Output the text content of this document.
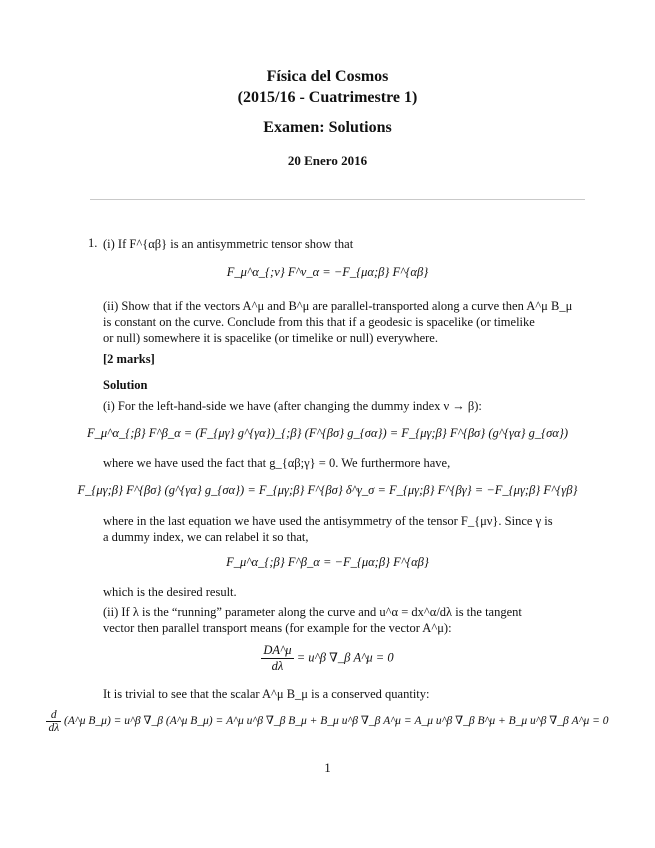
Física del Cosmos
(2015/16 - Cuatrimestre 1)
Examen: Solutions
20 Enero 2016
1. (i) If F^{αβ} is an antisymmetric tensor show that
F_μ^α_{;ν} F^ν_α = −F_{μα;β} F^{αβ}
(ii) Show that if the vectors A^μ and B^μ are parallel-transported along a curve then A^μ B_μ
is constant on the curve. Conclude from this that if a geodesic is spacelike (or timelike
or null) somewhere it is spacelike (or timelike or null) everywhere.
[2 marks]
Solution
(i) For the left-hand-side we have (after changing the dummy index ν → β):
F_μ^α_{;β} F^β_α = (F_{μγ} g^{γα})_{;β} (F^{βσ} g_{σα}) = F_{μγ;β} F^{βσ} (g^{γα} g_{σα})
where we have used the fact that g_{αβ;γ} = 0. We furthermore have,
F_{μγ;β} F^{βσ} (g^{γα} g_{σα}) = F_{μγ;β} F^{βσ} δ^γ_σ = F_{μγ;β} F^{βγ} = −F_{μγ;β} F^{γβ}
where in the last equation we have used the antisymmetry of the tensor F_{μν}. Since γ is
a dummy index, we can relabel it so that,
F_μ^α_{;β} F^β_α = −F_{μα;β} F^{αβ}
which is the desired result.
(ii) If λ is the “running” parameter along the curve and u^α = dx^α/dλ is the tangent
vector then parallel transport means (for example for the vector A^μ):
$\frac{DA\^{}\mu}{d\lambda}$ = u^β ∇_β A^μ = 0
It is trivial to see that the scalar A^μ B_μ is a conserved quantity:
$\frac{d}{d\lambda}$ (A^μ B_μ) = u^β ∇_β (A^μ B_μ) = A^μ u^β ∇_β B_μ + B_μ u^β ∇_β A^μ = A_μ u^β ∇_β B^μ + B_μ u^β ∇_β A^μ = 0
1
